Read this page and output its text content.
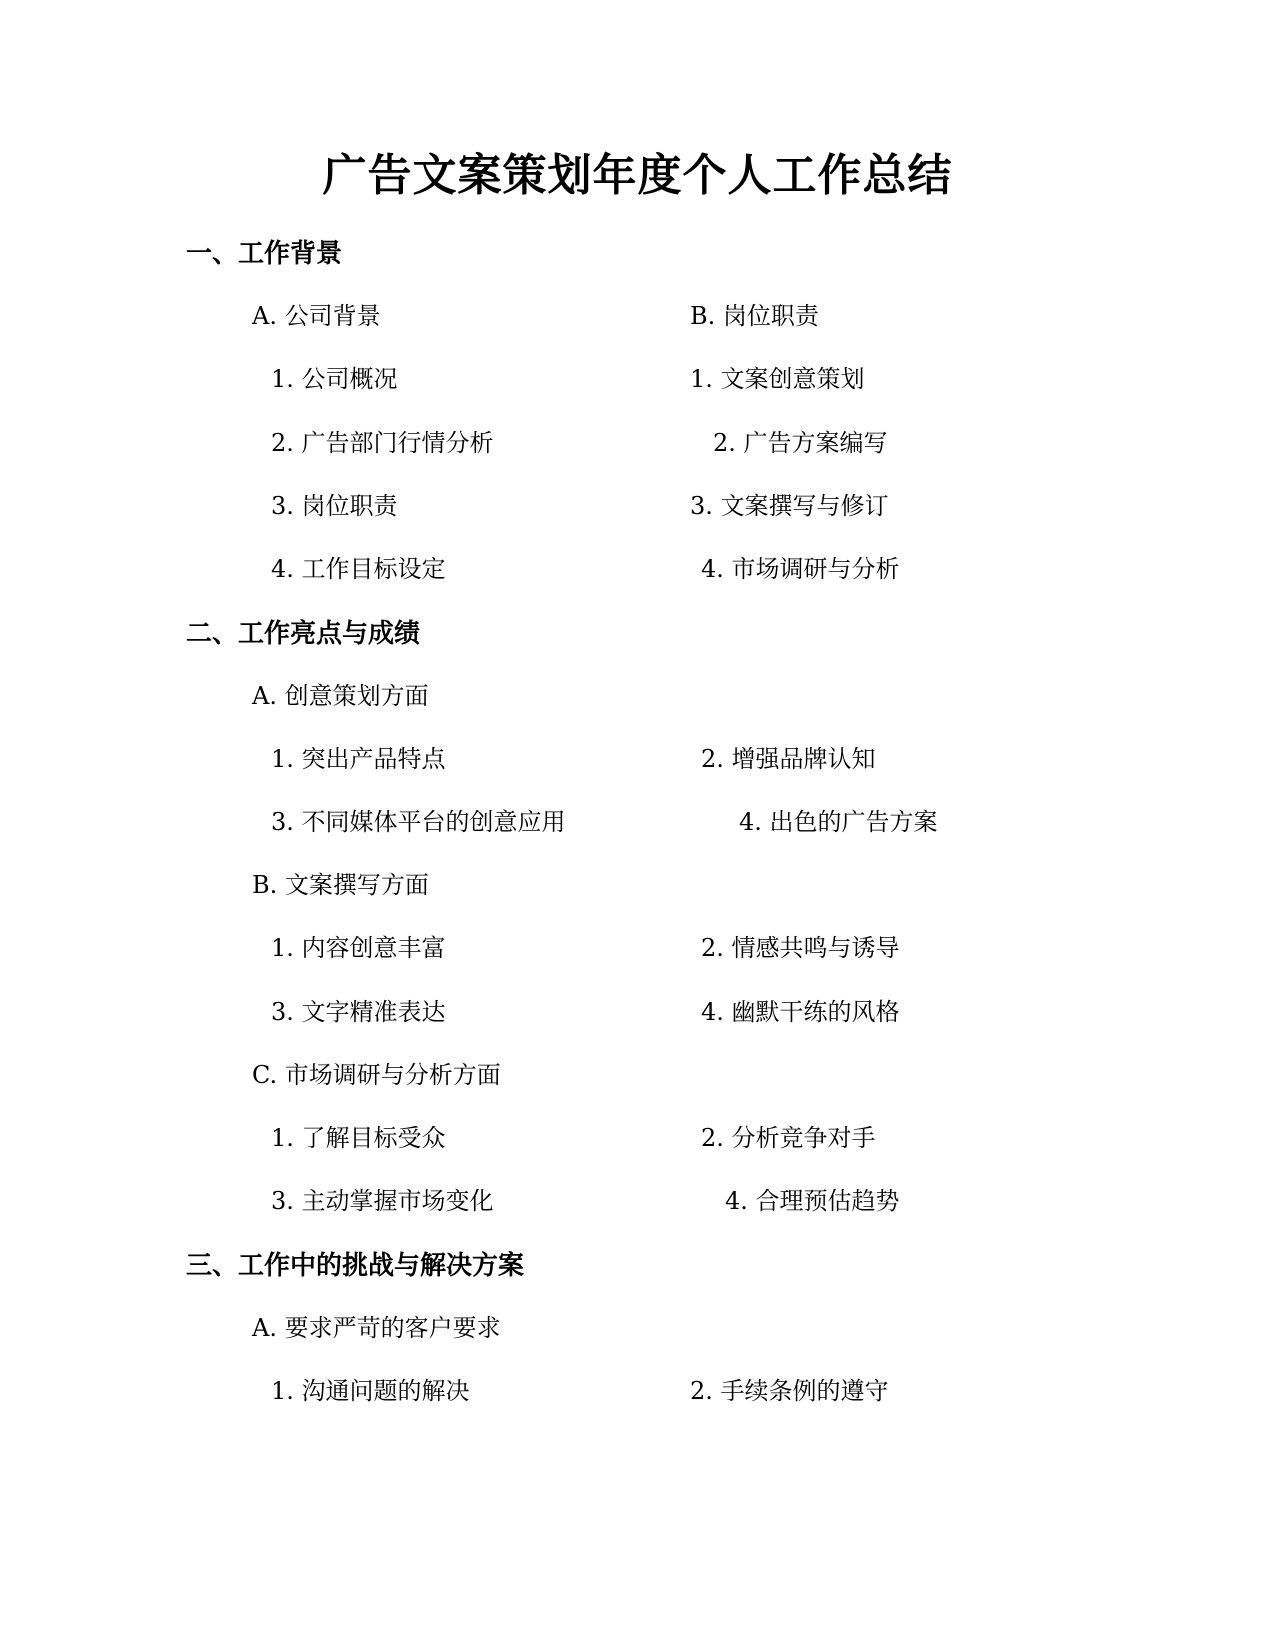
广告文案策划年度个人工作总结
一、工作背景
A. 公司背景	B. 岗位职责
1. 公司概况	1. 文案创意策划
2. 广告部门行情分析	2. 广告方案编写
3. 岗位职责	3. 文案撰写与修订
4. 工作目标设定	4. 市场调研与分析
二、工作亮点与成绩
A. 创意策划方面
1. 突出产品特点	2. 增强品牌认知
3. 不同媒体平台的创意应用	4. 出色的广告方案
B. 文案撰写方面
1. 内容创意丰富	2. 情感共鸣与诱导
3. 文字精准表达	4. 幽默干练的风格
C. 市场调研与分析方面
1. 了解目标受众	2. 分析竞争对手
3. 主动掌握市场变化	4. 合理预估趋势
三、工作中的挑战与解决方案
A. 要求严苛的客户要求
1. 沟通问题的解决	2. 手续条例的遵守
